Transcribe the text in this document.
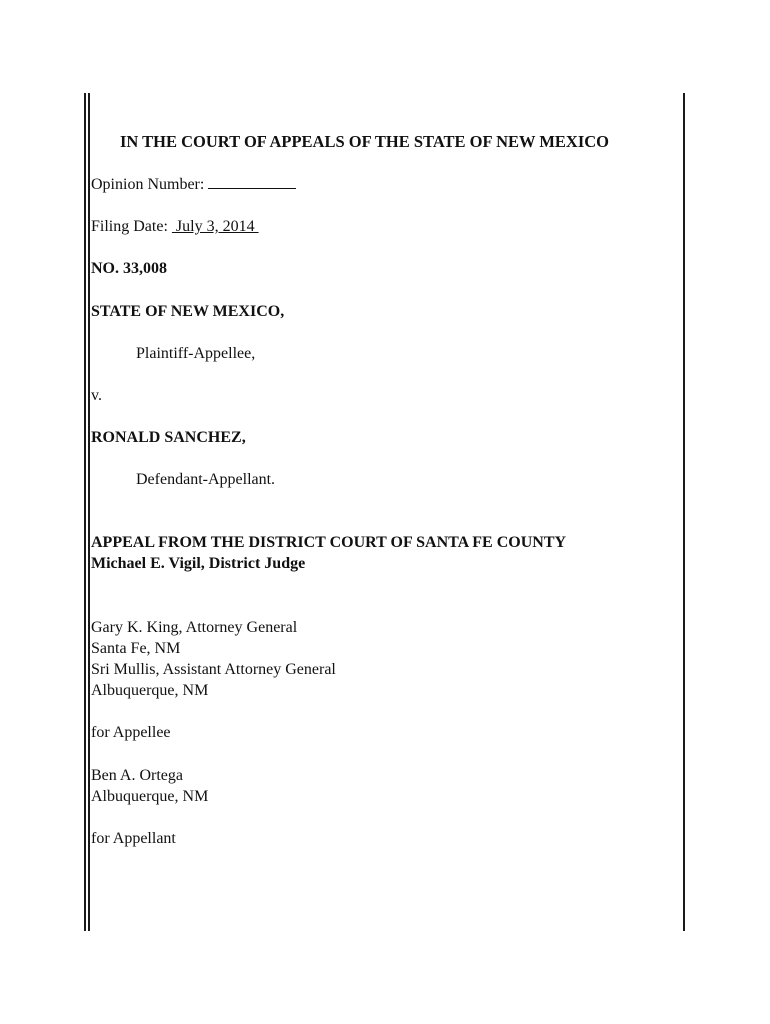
IN THE COURT OF APPEALS OF THE STATE OF NEW MEXICO
Opinion Number:
Filing Date:  July 3, 2014
NO. 33,008
STATE OF NEW MEXICO,
Plaintiff-Appellee,
v.
RONALD SANCHEZ,
Defendant-Appellant.
APPEAL FROM THE DISTRICT COURT OF SANTA FE COUNTY
Michael E. Vigil, District Judge
Gary K. King, Attorney General
Santa Fe, NM
Sri Mullis, Assistant Attorney General
Albuquerque, NM
for Appellee
Ben A. Ortega
Albuquerque, NM
for Appellant
